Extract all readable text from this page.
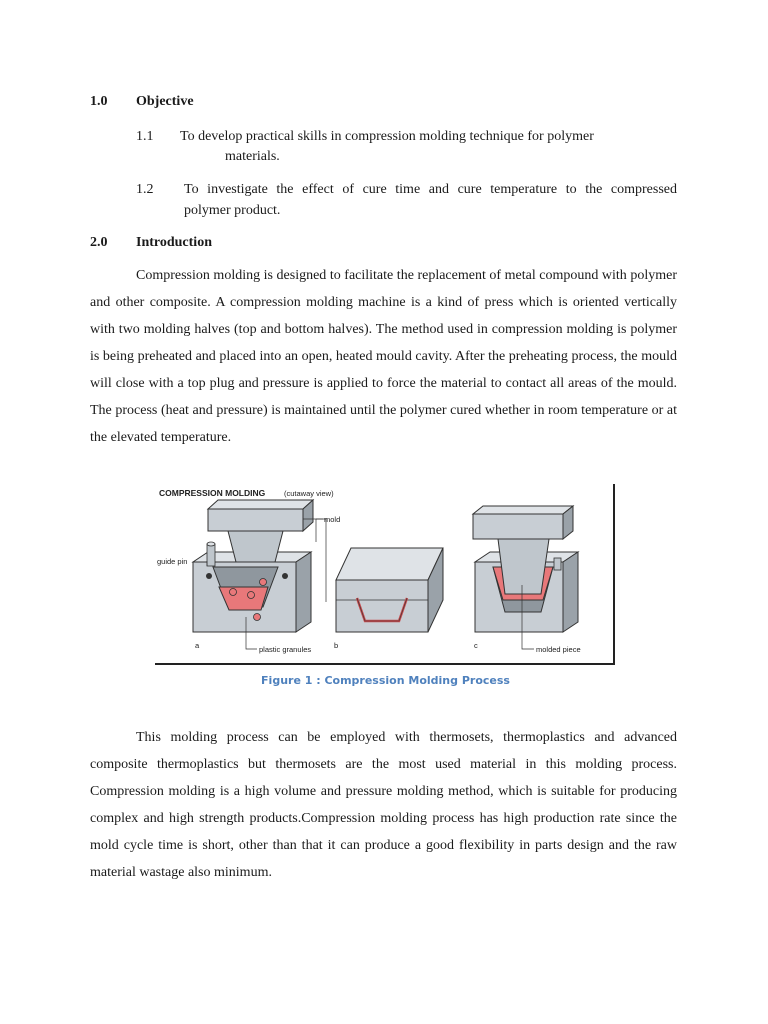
1.0 Objective
1.1 To develop practical skills in compression molding technique for polymer
materials.
1.2 To investigate the effect of cure time and cure temperature to the compressed
polymer product.
2.0 Introduction

Compression molding is designed to facilitate the replacement of metal compound with polymer and other composite. A compression molding machine is a kind of press which is oriented vertically with two molding halves (top and bottom halves). The method used in compression molding is polymer is being preheated and placed into an open, heated mould cavity. After the preheating process, the mould will close with a top plug and pressure is applied to force the material to contact all areas of the mould. The process (heat and pressure) is maintained until the polymer cured whether in room temperature or at the elevated temperature.

COMPRESSION MOLDING (cutaway view)
mold
guide pin
plastic granules	molded piece
a	b	c
Figure 1 : Compression Molding Process

This molding process can be employed with thermosets, thermoplastics and advanced composite thermoplastics but thermosets are the most used material in this molding process. Compression molding is a high volume and pressure molding method, which is suitable for producing complex and high strength products.Compression molding process has high production rate since the mold cycle time is short, other than that it can produce a good flexibility in parts design and the raw material wastage also minimum.
